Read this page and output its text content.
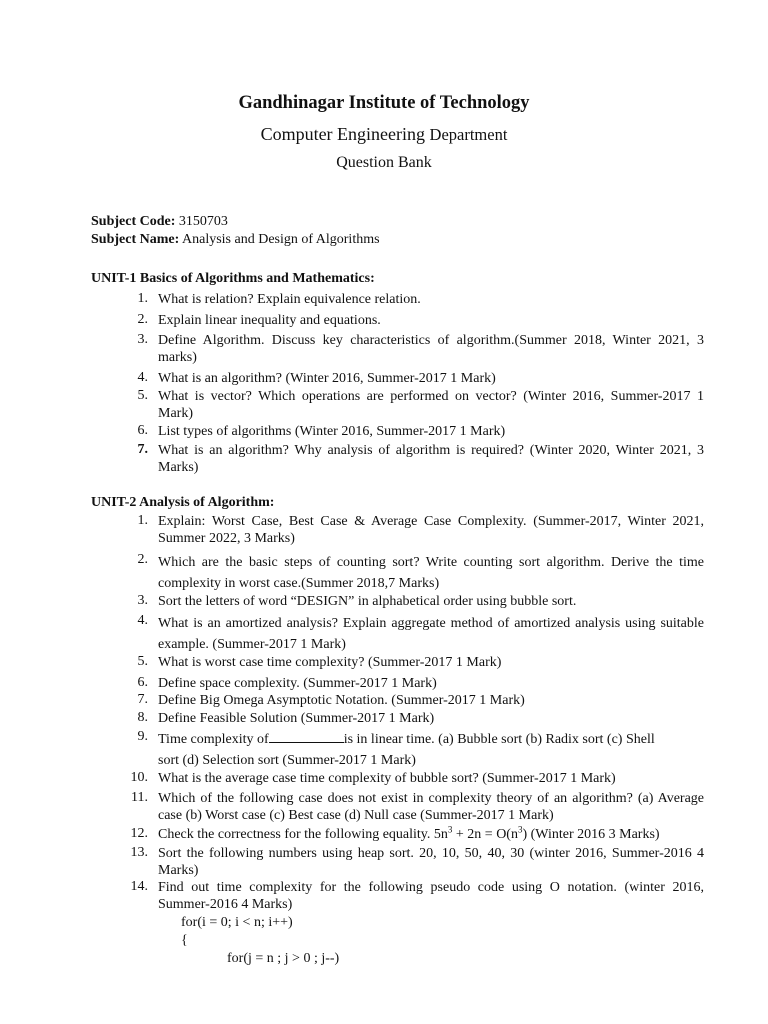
Gandhinagar Institute of Technology
Computer Engineering Department
Question Bank
Subject Code: 3150703
Subject Name: Analysis and Design of Algorithms
UNIT-1 Basics of Algorithms and Mathematics:
1. What is relation? Explain equivalence relation.
2. Explain linear inequality and equations.
3. Define Algorithm. Discuss key characteristics of algorithm.(Summer 2018, Winter 2021, 3 marks)
4. What is an algorithm? (Winter 2016, Summer-2017 1 Mark)
5. What is vector? Which operations are performed on vector? (Winter 2016, Summer-2017 1 Mark)
6. List types of algorithms (Winter 2016, Summer-2017 1 Mark)
7. What is an algorithm? Why analysis of algorithm is required? (Winter 2020, Winter 2021, 3 Marks)
UNIT-2 Analysis of Algorithm:
1. Explain: Worst Case, Best Case & Average Case Complexity. (Summer-2017, Winter 2021, Summer 2022, 3 Marks)
2. Which are the basic steps of counting sort? Write counting sort algorithm. Derive the time complexity in worst case.(Summer 2018,7 Marks)
3. Sort the letters of word “DESIGN” in alphabetical order using bubble sort.
4. What is an amortized analysis? Explain aggregate method of amortized analysis using suitable example. (Summer-2017 1 Mark)
5. What is worst case time complexity? (Summer-2017 1 Mark)
6. Define space complexity. (Summer-2017 1 Mark)
7. Define Big Omega Asymptotic Notation. (Summer-2017 1 Mark)
8. Define Feasible Solution (Summer-2017 1 Mark)
9. Time complexity of	is in linear time. (a) Bubble sort (b) Radix sort (c) Shell
sort (d) Selection sort (Summer-2017 1 Mark)
10. What is the average case time complexity of bubble sort? (Summer-2017 1 Mark)
11. Which of the following case does not exist in complexity theory of an algorithm? (a) Average case (b) Worst case (c) Best case (d) Null case (Summer-2017 1 Mark)
12. Check the correctness for the following equality. $5n^3 + 2n = O(n^3)$ (Winter 2016 3 Marks)
13. Sort the following numbers using heap sort. 20, 10, 50, 40, 30 (winter 2016, Summer-2016 4 Marks)
14. Find out time complexity for the following pseudo code using O notation. (winter 2016, Summer-2016 4 Marks)
for(i = 0; i < n; i++)
{
for(j = n ; j > 0 ; j--)
